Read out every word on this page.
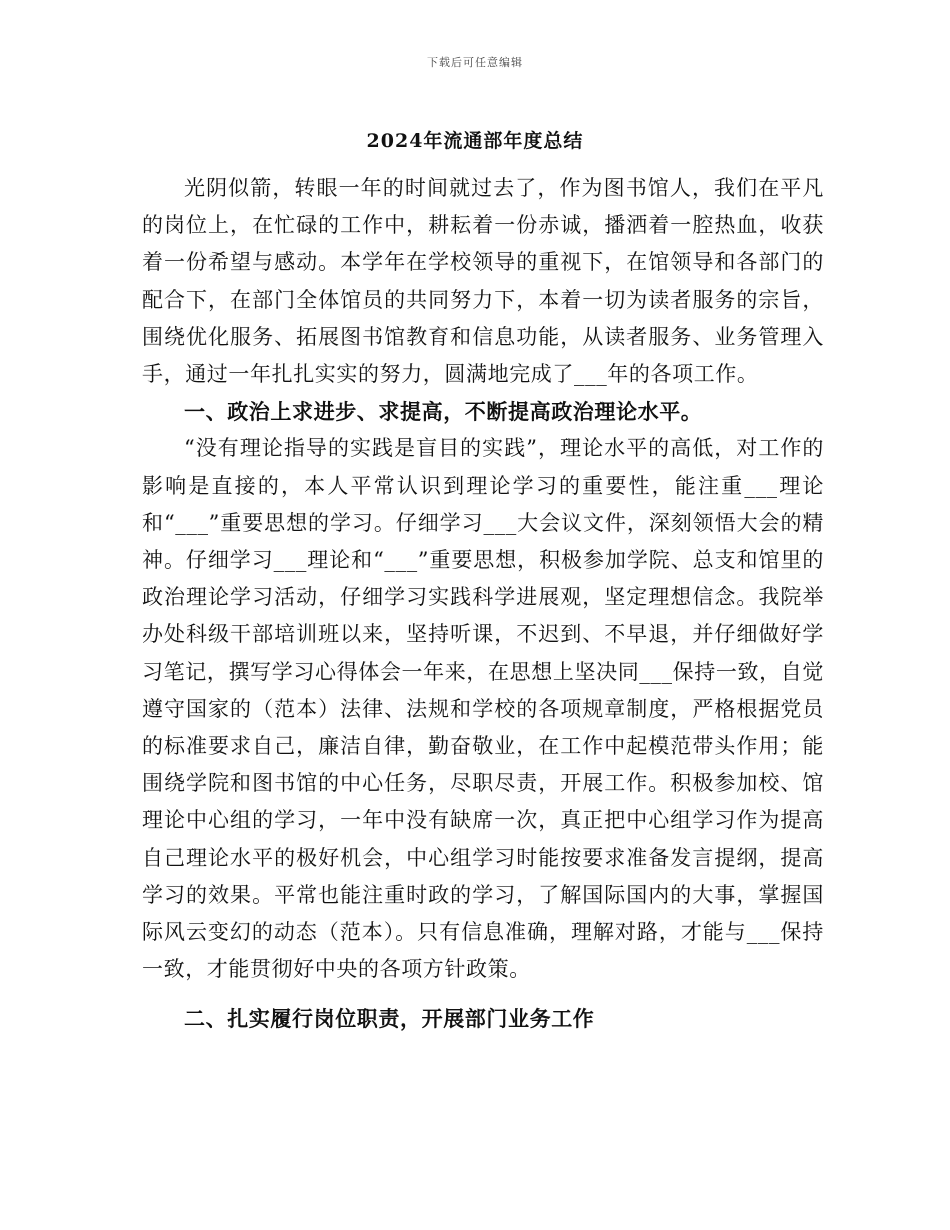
下载后可任意编辑
2024年流通部年度总结

光阴似箭，转眼一年的时间就过去了，作为图书馆人，我们在平凡的岗位上，在忙碌的工作中，耕耘着一份赤诚，播洒着一腔热血，收获着一份希望与感动。本学年在学校领导的重视下，在馆领导和各部门的配合下，在部门全体馆员的共同努力下，本着一切为读者服务的宗旨，围绕优化服务、拓展图书馆教育和信息功能，从读者服务、业务管理入手，通过一年扎扎实实的努力，圆满地完成了___年的各项工作。

一、政治上求进步、求提高，不断提高政治理论水平。

“没有理论指导的实践是盲目的实践”，理论水平的高低，对工作的影响是直接的，本人平常认识到理论学习的重要性，能注重___理论和“___”重要思想的学习。仔细学习___大会议文件，深刻领悟大会的精神。仔细学习___理论和“___”重要思想，积极参加学院、总支和馆里的政治理论学习活动，仔细学习实践科学进展观，坚定理想信念。我院举办处科级干部培训班以来，坚持听课，不迟到、不早退，并仔细做好学习笔记，撰写学习心得体会一年来，在思想上坚决同___保持一致，自觉遵守国家的（范本）法律、法规和学校的各项规章制度，严格根据党员的标准要求自己，廉洁自律，勤奋敬业，在工作中起模范带头作用；能围绕学院和图书馆的中心任务，尽职尽责，开展工作。积极参加校、馆理论中心组的学习，一年中没有缺席一次，真正把中心组学习作为提高自己理论水平的极好机会，中心组学习时能按要求准备发言提纲，提高学习的效果。平常也能注重时政的学习，了解国际国内的大事，掌握国际风云变幻的动态（范本）。只有信息准确，理解对路，才能与___保持一致，才能贯彻好中央的各项方针政策。

二、扎实履行岗位职责，开展部门业务工作
